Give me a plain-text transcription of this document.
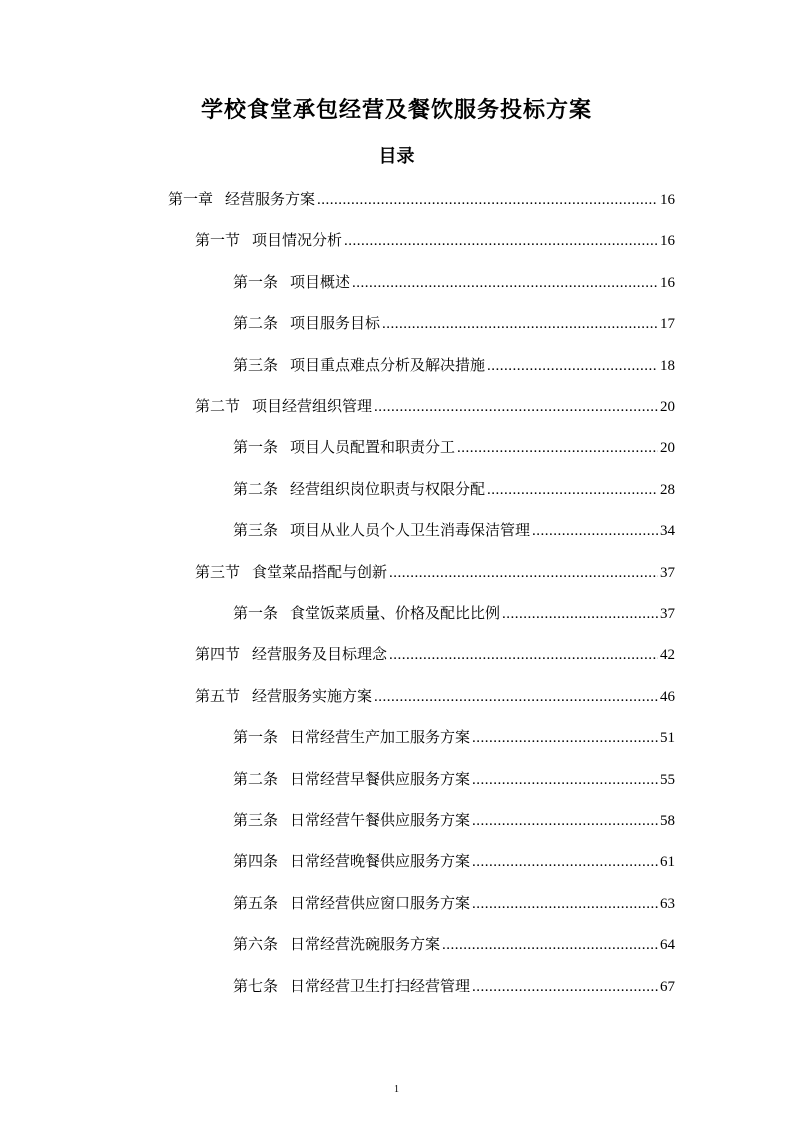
学校食堂承包经营及餐饮服务投标方案
目录
第一章 经营服务方案 .....	16
第一节 项目情况分析 .....	16
第一条 项目概述 .....	16
第二条 项目服务目标 .....	17
第三条 项目重点难点分析及解决措施 .....	18
第二节 项目经营组织管理 .....	20
第一条 项目人员配置和职责分工 .....	20
第二条 经营组织岗位职责与权限分配 .....	28
第三条 项目从业人员个人卫生消毒保洁管理 .....	34
第三节 食堂菜品搭配与创新 .....	37
第一条 食堂饭菜质量、价格及配比比例 .....	37
第四节 经营服务及目标理念 .....	42
第五节 经营服务实施方案 .....	46
第一条 日常经营生产加工服务方案 .....	51
第二条 日常经营早餐供应服务方案 .....	55
第三条 日常经营午餐供应服务方案 .....	58
第四条 日常经营晚餐供应服务方案 .....	61
第五条 日常经营供应窗口服务方案 .....	63
第六条 日常经营洗碗服务方案 .....	64
第七条 日常经营卫生打扫经营管理 .....	67
1
